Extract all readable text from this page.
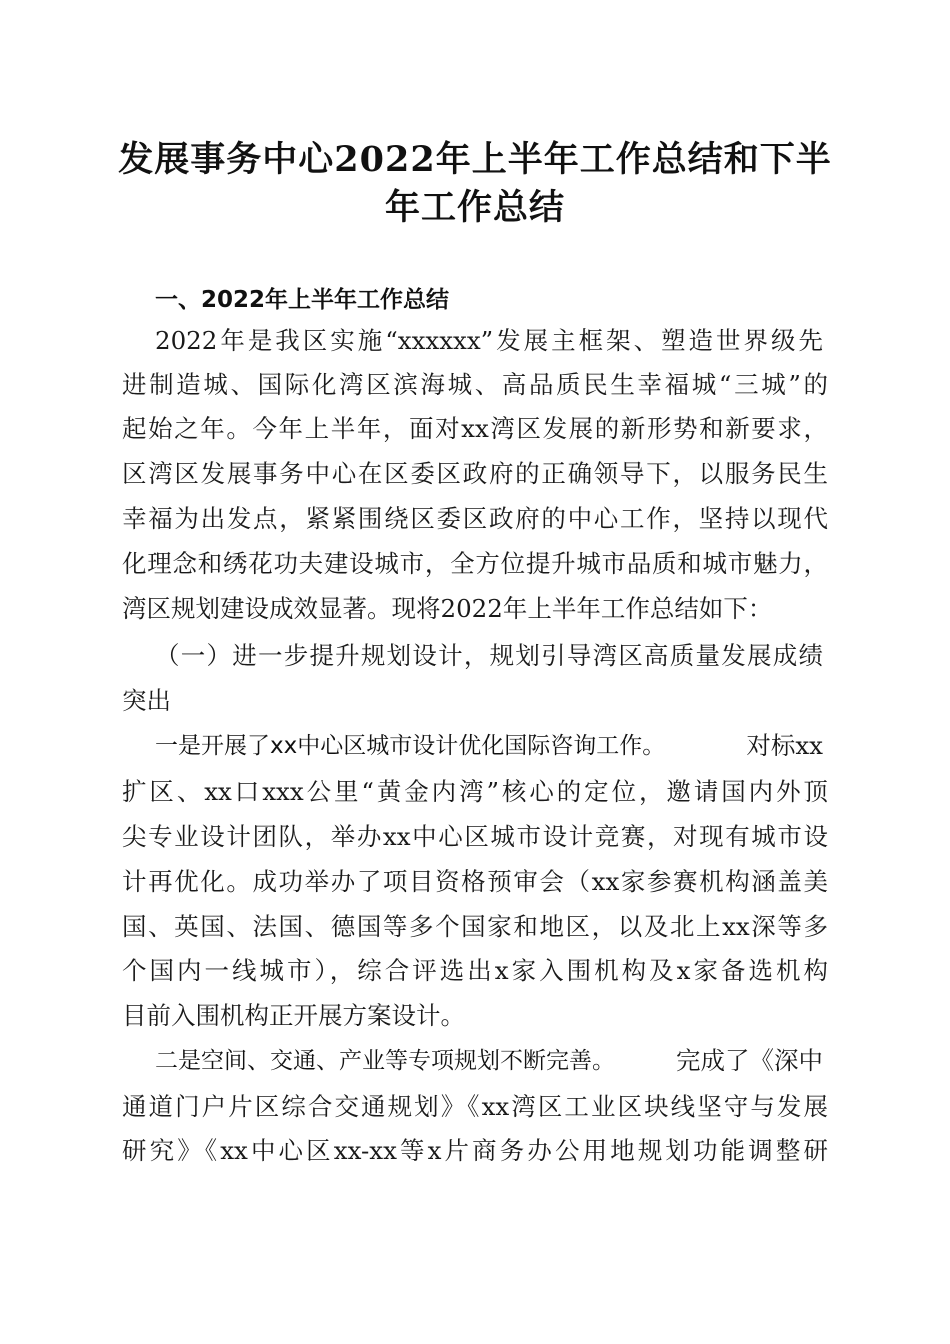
发展事务中心2022年上半年工作总结和下半
年工作总结
一、2022年上半年工作总结
2022年是我区实施“xxxxxx”发展主框架、塑造世界级先
进制造城、国际化湾区滨海城、高品质民生幸福城“三城”的
起始之年。今年上半年，面对xx湾区发展的新形势和新要求，
区湾区发展事务中心在区委区政府的正确领导下，以服务民生
幸福为出发点，紧紧围绕区委区政府的中心工作，坚持以现代
化理念和绣花功夫建设城市，全方位提升城市品质和城市魅力，
湾区规划建设成效显著。现将2022年上半年工作总结如下：
（一）进一步提升规划设计，规划引导湾区高质量发展成绩
突出
一是开展了xx中心区城市设计优化国际咨询工作。	对标xx
扩区、xx口xxx公里“黄金内湾”核心的定位，邀请国内外顶
尖专业设计团队，举办xx中心区城市设计竞赛，对现有城市设
计再优化。成功举办了项目资格预审会（xx家参赛机构涵盖美
国、英国、法国、德国等多个国家和地区，以及北上xx深等多
个国内一线城市），综合评选出x家入围机构及x家备选机构
目前入围机构正开展方案设计。
二是空间、交通、产业等专项规划不断完善。 完成了《深中
通道门户片区综合交通规划》《xx湾区工业区块线坚守与发展
研究》《xx中心区xx-xx等x片商务办公用地规划功能调整研
